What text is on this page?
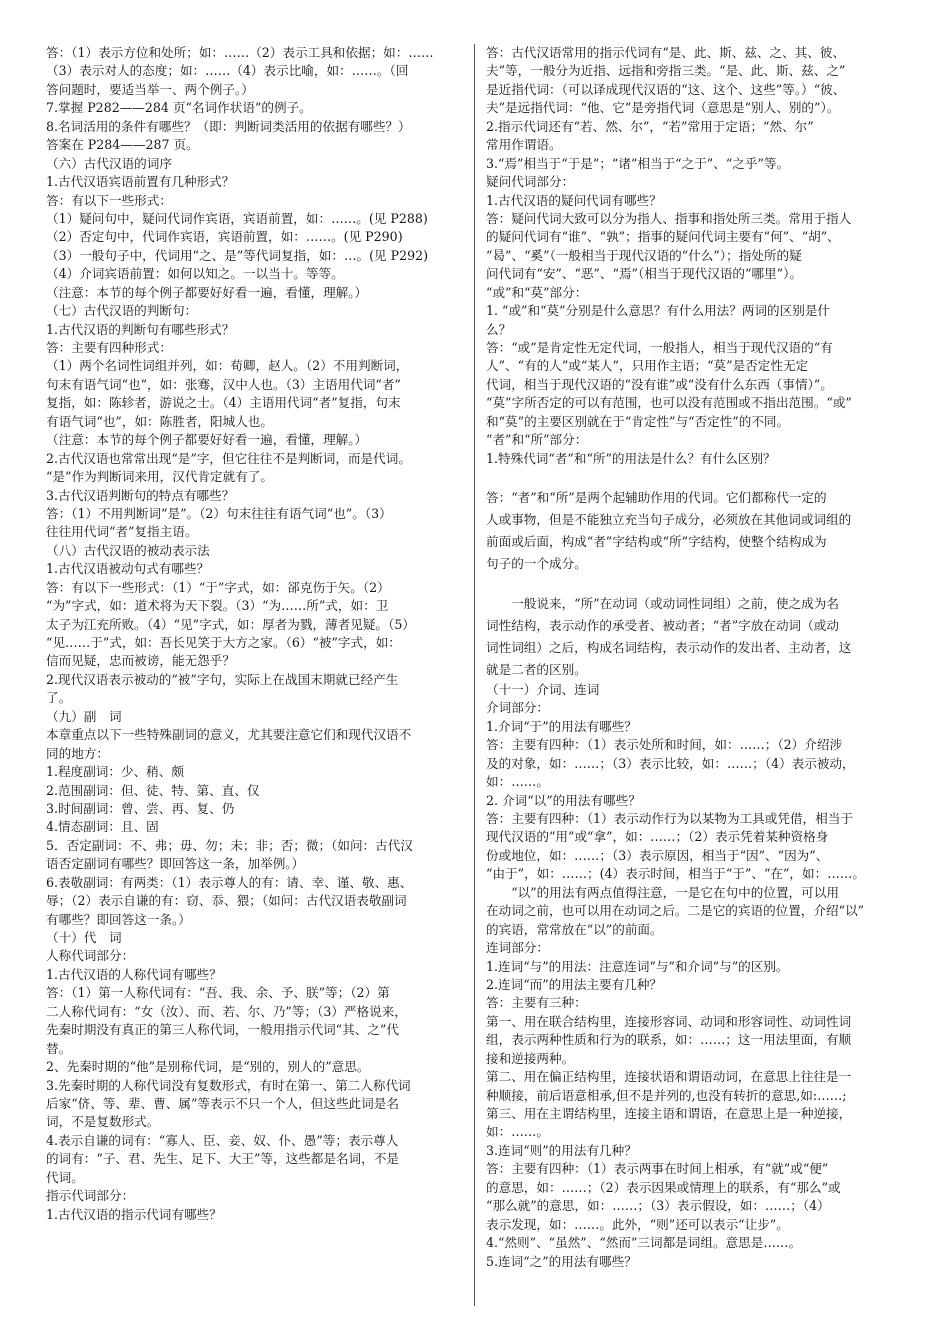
答：（1）表示方位和处所；如：……（2）表示工具和依据；如：……
（3）表示对人的态度；如：……（4）表示比喻，如：……。（回
答问题时，要适当举一、两个例子。）
7.掌握 P282——284 页“名词作状语”的例子。
8.名词活用的条件有哪些？（即：判断词类活用的依据有哪些？）
答案在 P284——287 页。
（六）古代汉语的词序
1.古代汉语宾语前置有几种形式？
答：有以下一些形式：
（1）疑问句中，疑问代词作宾语，宾语前置，如：……。(见 P288)
（2）否定句中，代词作宾语，宾语前置，如：……。(见 P290)
（3）一般句子中，代词用“之、是”等代词复指，如：…。(见 P292)
（4）介词宾语前置：如何以知之。一以当十。等等。
（注意：本节的每个例子都要好好看一遍，看懂，理解。）
（七）古代汉语的判断句：
1.古代汉语的判断句有哪些形式？
答：主要有四种形式：
（1）两个名词性词组并列，如：荀卿，赵人。（2）不用判断词，
句末有语气词“也”，如：张骞，汉中人也。（3）主语用代词“者”
复指，如：陈轸者，游说之士。（4）主语用代词“者”复指，句末
有语气词“也”，如：陈胜者，阳城人也。
（注意：本节的每个例子都要好好看一遍，看懂，理解。）
2.古代汉语也常常出现“是”字，但它往往不是判断词，而是代词。
“是”作为判断词来用，汉代肯定就有了。
3.古代汉语判断句的特点有哪些？
答：（1）不用判断词“是”。（2）句末往往有语气词“也”。（3）
往往用代词“者”复指主语。
（八）古代汉语的被动表示法
1.古代汉语被动句式有哪些？
答：有以下一些形式：（1）“于”字式，如：郤克伤于矢。（2）
“为”字式，如：道术将为天下裂。（3）“为……所”式，如：卫
太子为江充所败。（4）“见”字式，如：厚者为戮，薄者见疑。（5）
“见……于”式，如：吾长见笑于大方之家。（6）“被”字式，如：
信而见疑，忠而被谤，能无怨乎？
2.现代汉语表示被动的“被”字句，实际上在战国末期就已经产生
了。
（九）副　词
本章重点以下一些特殊副词的意义，尤其要注意它们和现代汉语不
同的地方：
1.程度副词：少、稍、颇
2.范围副词：但、徒、特、第、直、仅
3.时间副词：曾、尝、再、复、仍
4.情态副词：且、固
5．否定副词：不、弗；毋、勿；未；非；否；微；（如问：古代汉
语否定副词有哪些？即回答这一条，加举例。）
6.表敬副词：有两类：（1）表示尊人的有：请、幸、谨、敬、惠、
辱；（2）表示自谦的有：窃、忝、猥；（如问：古代汉语表敬副词
有哪些？即回答这一条。）
（十）代　词
人称代词部分：
1.古代汉语的人称代词有哪些？
答：（1）第一人称代词有：“吾、我、余、予、朕”等；（2）第
二人称代词有：“女（汝）、而、若、尔、乃”等；（3）严格说来，
先秦时期没有真正的第三人称代词，一般用指示代词“其、之”代
替。
2、先秦时期的“他”是别称代词，是“别的，别人的”意思。
3.先秦时期的人称代词没有复数形式，有时在第一、第二人称代词
后家“侪、等、辈、曹、属”等表示不只一个人，但这些此词是名
词，不是复数形式。
4.表示自谦的词有：“寡人、臣、妾、奴、仆、愚”等；表示尊人
的词有：“子、君、先生、足下、大王”等，这些都是名词，不是
代词。
指示代词部分：
1.古代汉语的指示代词有哪些？
答：古代汉语常用的指示代词有“是、此、斯、兹、之、其、彼、
夫”等，一般分为近指、远指和旁指三类。“是、此、斯、兹、之”
是近指代词：（可以译成现代汉语的“这、这个、这些”等。）“彼、
夫”是远指代词：“他、它”是旁指代词（意思是“别人、别的”）。
2.指示代词还有“若、然、尔”，“若”常用于定语；“然、尔”
常用作谓语。
3.“焉”相当于“于是”；“诸”相当于“之于”、“之乎”等。
疑问代词部分：
1.古代汉语的疑问代词有哪些？
答：疑问代词大致可以分为指人、指事和指处所三类。常用于指人
的疑问代词有“谁”、“孰”；指事的疑问代词主要有“何”、“胡”、
“曷”、“奚”（一般相当于现代汉语的“什么”）；指处所的疑
问代词有“安”、“恶”、“焉”（相当于现代汉语的“哪里”）。
“或”和“莫”部分：
1. “或”和“莫”分别是什么意思？有什么用法？两词的区别是什
么？
答：“或”是肯定性无定代词，一般指人，相当于现代汉语的“有
人”、“有的人”或“某人”，只用作主语；“莫”是否定性无定
代词，相当于现代汉语的“没有谁”或“没有什么东西（事情）”。
“莫”字所否定的可以有范围，也可以没有范围或不指出范围。“或”
和“莫”的主要区别就在于“肯定性”与“否定性”的不同。
“者”和“所”部分：
1.特殊代词“者”和“所”的用法是什么？有什么区别？
答：“者”和“所”是两个起辅助作用的代词。它们都称代一定的
人或事物，但是不能独立充当句子成分，必须放在其他词或词组的
前面或后面，构成“者”字结构或“所”字结构，使整个结构成为
句子的一个成分。
　　一般说来，“所”在动词（或动词性词组）之前，使之成为名
词性结构，表示动作的承受者、被动者；“者”字放在动词（或动
词性词组）之后，构成名词结构，表示动作的发出者、主动者，这
就是二者的区别。
（十一）介词、连词
介词部分：
1.介词“于”的用法有哪些？
答：主要有四种：（1）表示处所和时间，如：……；（2）介绍涉
及的对象，如：……；（3）表示比较，如：……；（4）表示被动，
如：……。
2. 介词“以”的用法有哪些？
答：主要有四种：（1）表示动作行为以某物为工具或凭借，相当于
现代汉语的“用”或“拿”，如：……；（2）表示凭着某种资格身
份或地位，如：……；（3）表示原因，相当于“因”、“因为”、
“由于”，如：……；(4）表示时间，相当于“于”、“在”，如：……。
　　“以”的用法有两点值得注意，一是它在句中的位置，可以用
在动词之前，也可以用在动词之后。二是它的宾语的位置，介绍“以”
的宾语，常常放在“以”的前面。
连词部分：
1.连词“与”的用法：注意连词“与”和介词“与”的区别。
2.连词“而”的用法主要有几种？
答：主要有三种：
第一、用在联合结构里，连接形容词、动词和形容词性、动词性词
组，表示两种性质和行为的联系，如：……；这一用法里面，有顺
接和逆接两种。
第二、用在偏正结构里，连接状语和谓语动词，在意思上往往是一
种顺接，前后语意相承,但不是并列的,也没有转折的意思,如:……;
第三、用在主谓结构里，连接主语和谓语，在意思上是一种逆接，
如：……。
3.连词“则”的用法有几种？
答：主要有四种：（1）表示两事在时间上相承，有“就”或“便”
的意思，如：……；（2）表示因果或情理上的联系，有“那么”或
“那么就”的意思，如：……；（3）表示假设，如：……；（4）
表示发现，如：……。此外，“则”还可以表示“让步”。
4.“然则”、“虽然”、“然而”三词都是词组。意思是……。
5.连词“之”的用法有哪些？
